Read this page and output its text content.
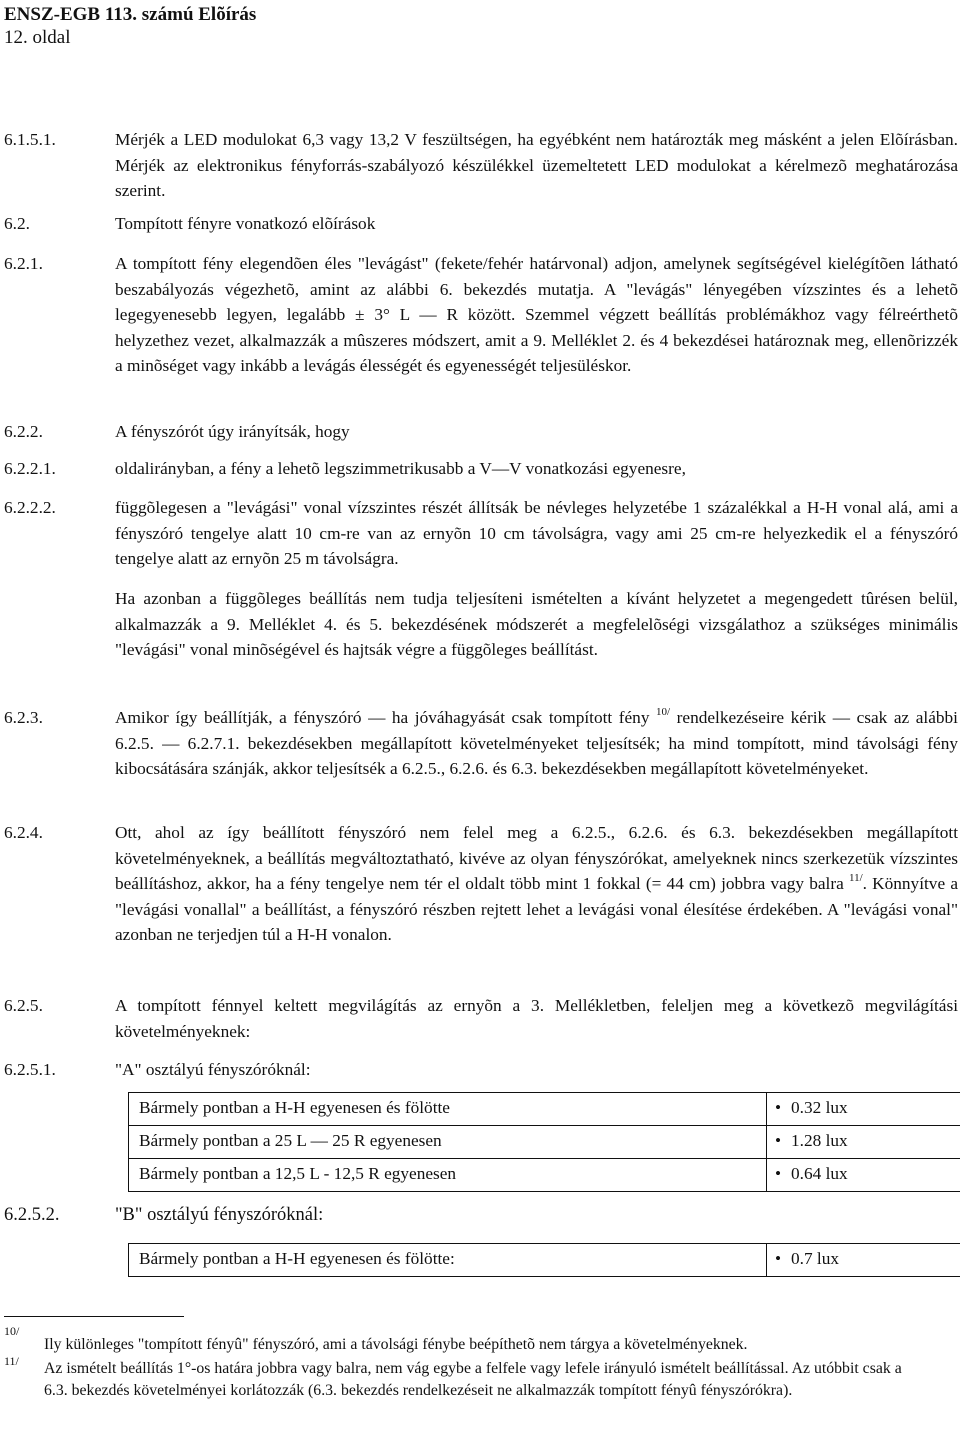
ENSZ-EGB 113. számú Elõírás
12. oldal
6.1.5.1.	Mérjék a LED modulokat 6,3 vagy 13,2 V feszültségen, ha egyébként nem határozták meg másként a jelen Elõírásban. Mérjék az elektronikus fényforrás-szabályozó készülékkel üzemeltetett LED modulokat a kérelmezõ meghatározása szerint.
6.2.	Tompított fényre vonatkozó elõírások
6.2.1.	A tompított fény elegendõen éles "levágást" (fekete/fehér határvonal) adjon, amelynek segítségével kielégítõen látható beszabályozás végezhetõ, amint az alábbi 6. bekezdés mutatja. A "levágás" lényegében vízszintes és a lehetõ legegyenesebb legyen, legalább ± 3° L — R között. Szemmel végzett beállítás problémákhoz vagy félreérthetõ helyzethez vezet, alkalmazzák a mûszeres módszert, amit a 9. Melléklet 2. és 4 bekezdései határoznak meg, ellenõrizzék a minõséget vagy inkább a levágás élességét és egyenességét teljesüléskor.
6.2.2.	A fényszórót úgy irányítsák, hogy
6.2.2.1.	oldalirányban, a fény a lehetõ legszimmetrikusabb a V—V vonatkozási egyenesre,
6.2.2.2.	függõlegesen a "levágási" vonal vízszintes részét állítsák be névleges helyzetébe 1 százalékkal a H-H vonal alá, ami a fényszóró tengelye alatt 10 cm-re van az ernyõn 10 cm távolságra, vagy ami 25 cm-re helyezkedik el a fényszóró tengelye alatt az ernyõn 25 m távolságra.
Ha azonban a függõleges beállítás nem tudja teljesíteni ismételten a kívánt helyzetet a megengedett tûrésen belül, alkalmazzák a 9. Melléklet 4. és 5. bekezdésének módszerét a megfelelõségi vizsgálathoz a szükséges minimális "levágási" vonal minõségével és hajtsák végre a függõleges beállítást.
6.2.3.	Amikor így beállítják, a fényszóró — ha jóváhagyását csak tompított fény $^{10/}$ rendelkezéseire kérik — csak az alábbi 6.2.5. — 6.2.7.1. bekezdésekben megállapított követelményeket teljesítsék; ha mind tompított, mind távolsági fény kibocsátására szánják, akkor teljesítsék a 6.2.5., 6.2.6. és 6.3. bekezdésekben megállapított követelményeket.
6.2.4.	Ott, ahol az így beállított fényszóró nem felel meg a 6.2.5., 6.2.6. és 6.3. bekezdésekben megállapított követelményeknek, a beállítás megváltoztatható, kivéve az olyan fényszórókat, amelyeknek nincs szerkezetük vízszintes beállításhoz, akkor, ha a fény tengelye nem tér el oldalt több mint 1 fokkal (= 44 cm) jobbra vagy balra $^{11/}$. Könnyítve a "levágási vonallal" a beállítást, a fényszóró részben rejtett lehet a levágási vonal élesítése érdekében. A "levágási vonal" azonban ne terjedjen túl a H-H vonalon.
6.2.5.	A tompított fénnyel keltett megvilágítás az ernyõn a 3. Mellékletben, feleljen meg a következõ megvilágítási követelményeknek:
6.2.5.1.	"A" osztályú fényszóróknál:
Bármely pontban a H-H egyenesen és fölötte	• 0.32 lux
Bármely pontban a 25 L — 25 R egyenesen	• 1.28 lux
Bármely pontban a 12,5 L - 12,5 R egyenesen	• 0.64 lux
6.2.5.2.	"B" osztályú fényszóróknál:
Bármely pontban a H-H egyenesen és fölötte:	• 0.7 lux
10/
Ily különleges "tompított fényû" fényszóró, ami a távolsági fénybe beépíthetõ nem tárgya a követelményeknek.
11/ Az ismételt beállítás 1°-os határa jobbra vagy balra, nem vág egybe a felfele vagy lefele irányuló ismételt beállítással. Az utóbbit csak a 6.3. bekezdés követelményei korlátozzák (6.3. bekezdés rendelkezéseit ne alkalmazzák tompított fényû fényszórókra).
